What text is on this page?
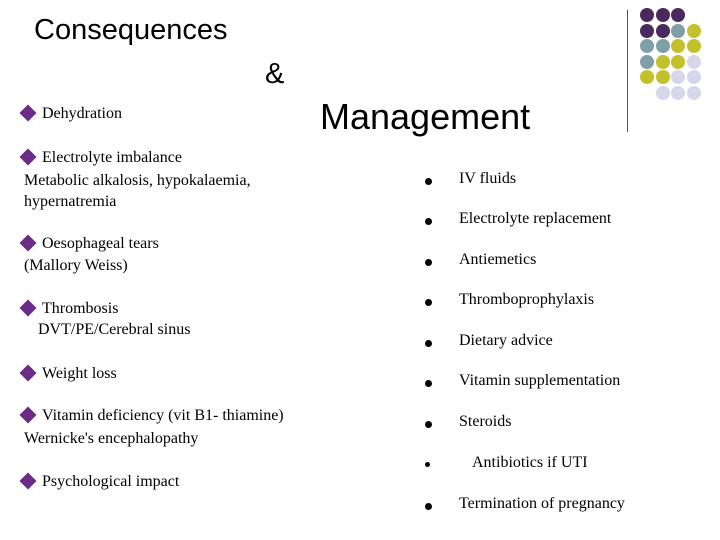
Consequences
&
Management
Dehydration
Electrolyte imbalance
Metabolic alkalosis, hypokalaemia,
hypernatremia
Oesophageal tears
(Mallory Weiss)
Thrombosis
DVT/PE/Cerebral sinus
Weight loss
Vitamin deficiency (vit B1- thiamine)
Wernicke's encephalopathy
Psychological impact
IV fluids
Electrolyte replacement
Antiemetics
Thromboprophylaxis
Dietary advice
Vitamin supplementation
Steroids
Antibiotics if UTI
Termination of pregnancy
